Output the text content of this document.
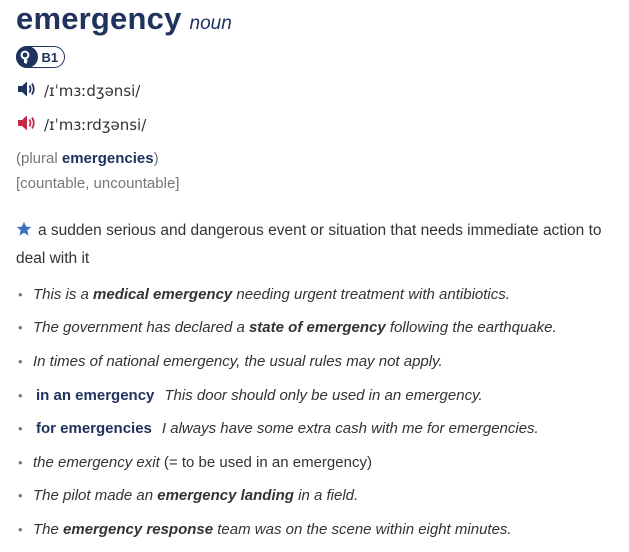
emergency noun
B1
/ɪˈmɜːdʒənsi/
/ɪˈmɜːrdʒənsi/
(plural emergencies)
[countable, uncountable]
a sudden serious and dangerous event or situation that needs immediate action to deal with it
• This is a medical emergency needing urgent treatment with antibiotics.
• The government has declared a state of emergency following the earthquake.
• In times of national emergency, the usual rules may not apply.
• in an emergency This door should only be used in an emergency.
• for emergencies I always have some extra cash with me for emergencies.
• the emergency exit (= to be used in an emergency)
• The pilot made an emergency landing in a field.
• The emergency response team was on the scene within eight minutes.
